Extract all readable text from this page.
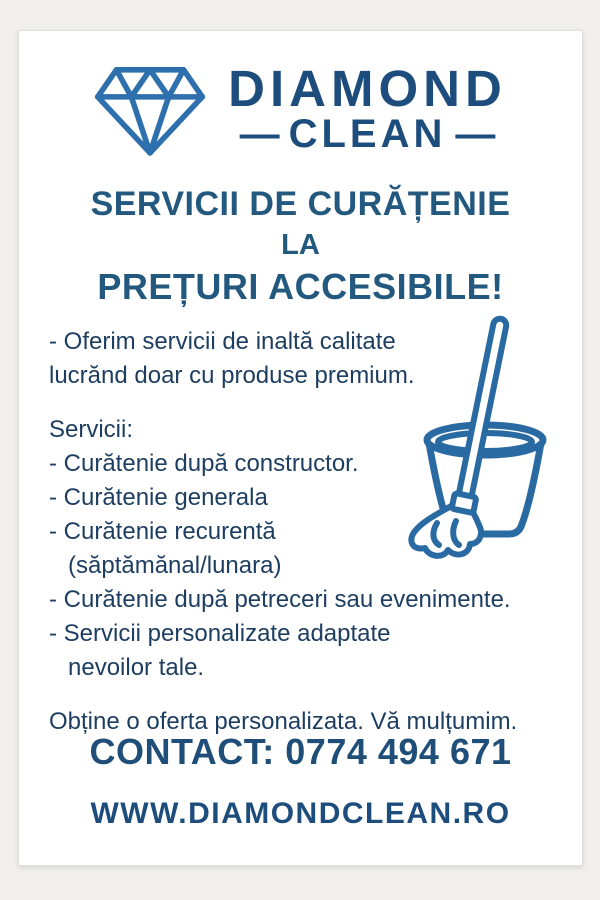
DIAMOND
— CLEAN —
SERVICII DE CURĂȚENIE
LA
PREȚURI ACCESIBILE!
- Oferim servicii de inaltă calitate
lucrănd doar cu produse premium.
Servicii:
- Curătenie după constructor.
- Curătenie generala
- Curătenie recurentă
(săptămănal/lunara)
- Curătenie după petreceri sau evenimente.
- Servicii personalizate adaptate
nevoilor tale.
Obține o oferta personalizata. Vă mulțumim.
CONTACT: 0774 494 671
WWW.DIAMONDCLEAN.RO
